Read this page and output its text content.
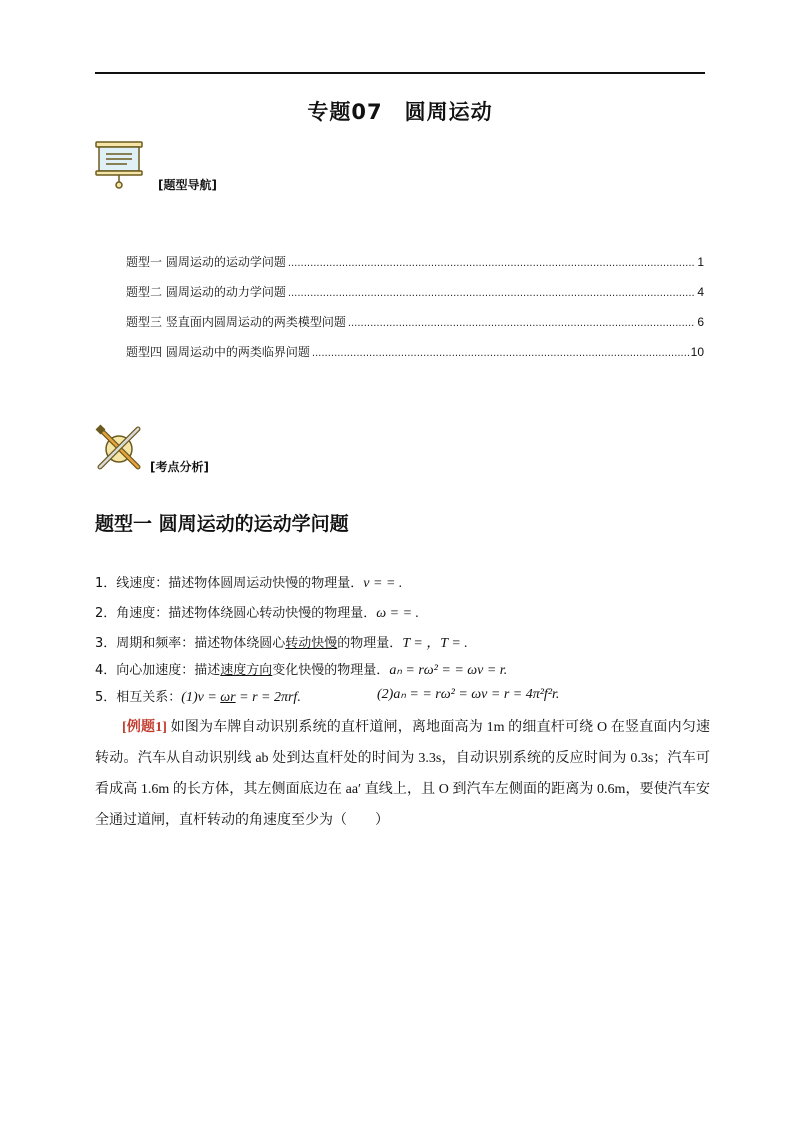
专题07　圆周运动
[题型导航]
题型一 圆周运动的运动学问题 .....	1
题型二 圆周运动的动力学问题 .....	4
题型三 竖直面内圆周运动的两类模型问题 .....	6
题型四 圆周运动中的两类临界问题 .....	10
[考点分析]
题型一 圆周运动的运动学问题
1．线速度：描述物体圆周运动快慢的物理量．v = = .
2．角速度：描述物体绕圆心转动快慢的物理量．ω = = .
3．周期和频率：描述物体绕圆心转动快慢的物理量．T = ，T = .
4．向心加速度：描述速度方向变化快慢的物理量．aₙ = rω² = = ωv = r.
5．相互关系：(1)v = ωr = r = 2πrf.	(2)aₙ = = rω² = ωv = r = 4π²f²r.
[例题1] 如图为车牌自动识别系统的直杆道闸，离地面高为 1m 的细直杆可绕 O 在竖直面内匀速转动。汽车从自动识别线 ab 处到达直杆处的时间为 3.3s，自动识别系统的反应时间为 0.3s；汽车可看成高 1.6m 的长方体，其左侧面底边在 aa′ 直线上，且 O 到汽车左侧面的距离为 0.6m，要使汽车安全通过道闸，直杆转动的角速度至少为（　　）
